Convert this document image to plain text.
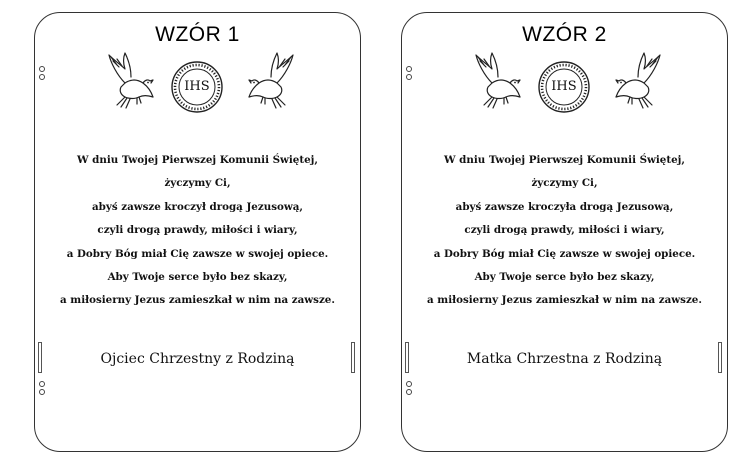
WZÓR 1
IHS
W dniu Twojej Pierwszej Komunii Świętej,
życzymy Ci,
abyś zawsze kroczył drogą Jezusową,
czyli drogą prawdy, miłości i wiary,
a Dobry Bóg miał Cię zawsze w swojej opiece.
Aby Twoje serce było bez skazy,
a miłosierny Jezus zamieszkał w nim na zawsze.
Ojciec Chrzestny z Rodziną
WZÓR 2
IHS
W dniu Twojej Pierwszej Komunii Świętej,
życzymy Ci,
abyś zawsze kroczyła drogą Jezusową,
czyli drogą prawdy, miłości i wiary,
a Dobry Bóg miał Cię zawsze w swojej opiece.
Aby Twoje serce było bez skazy,
a miłosierny Jezus zamieszkał w nim na zawsze.
Matka Chrzestna z Rodziną
